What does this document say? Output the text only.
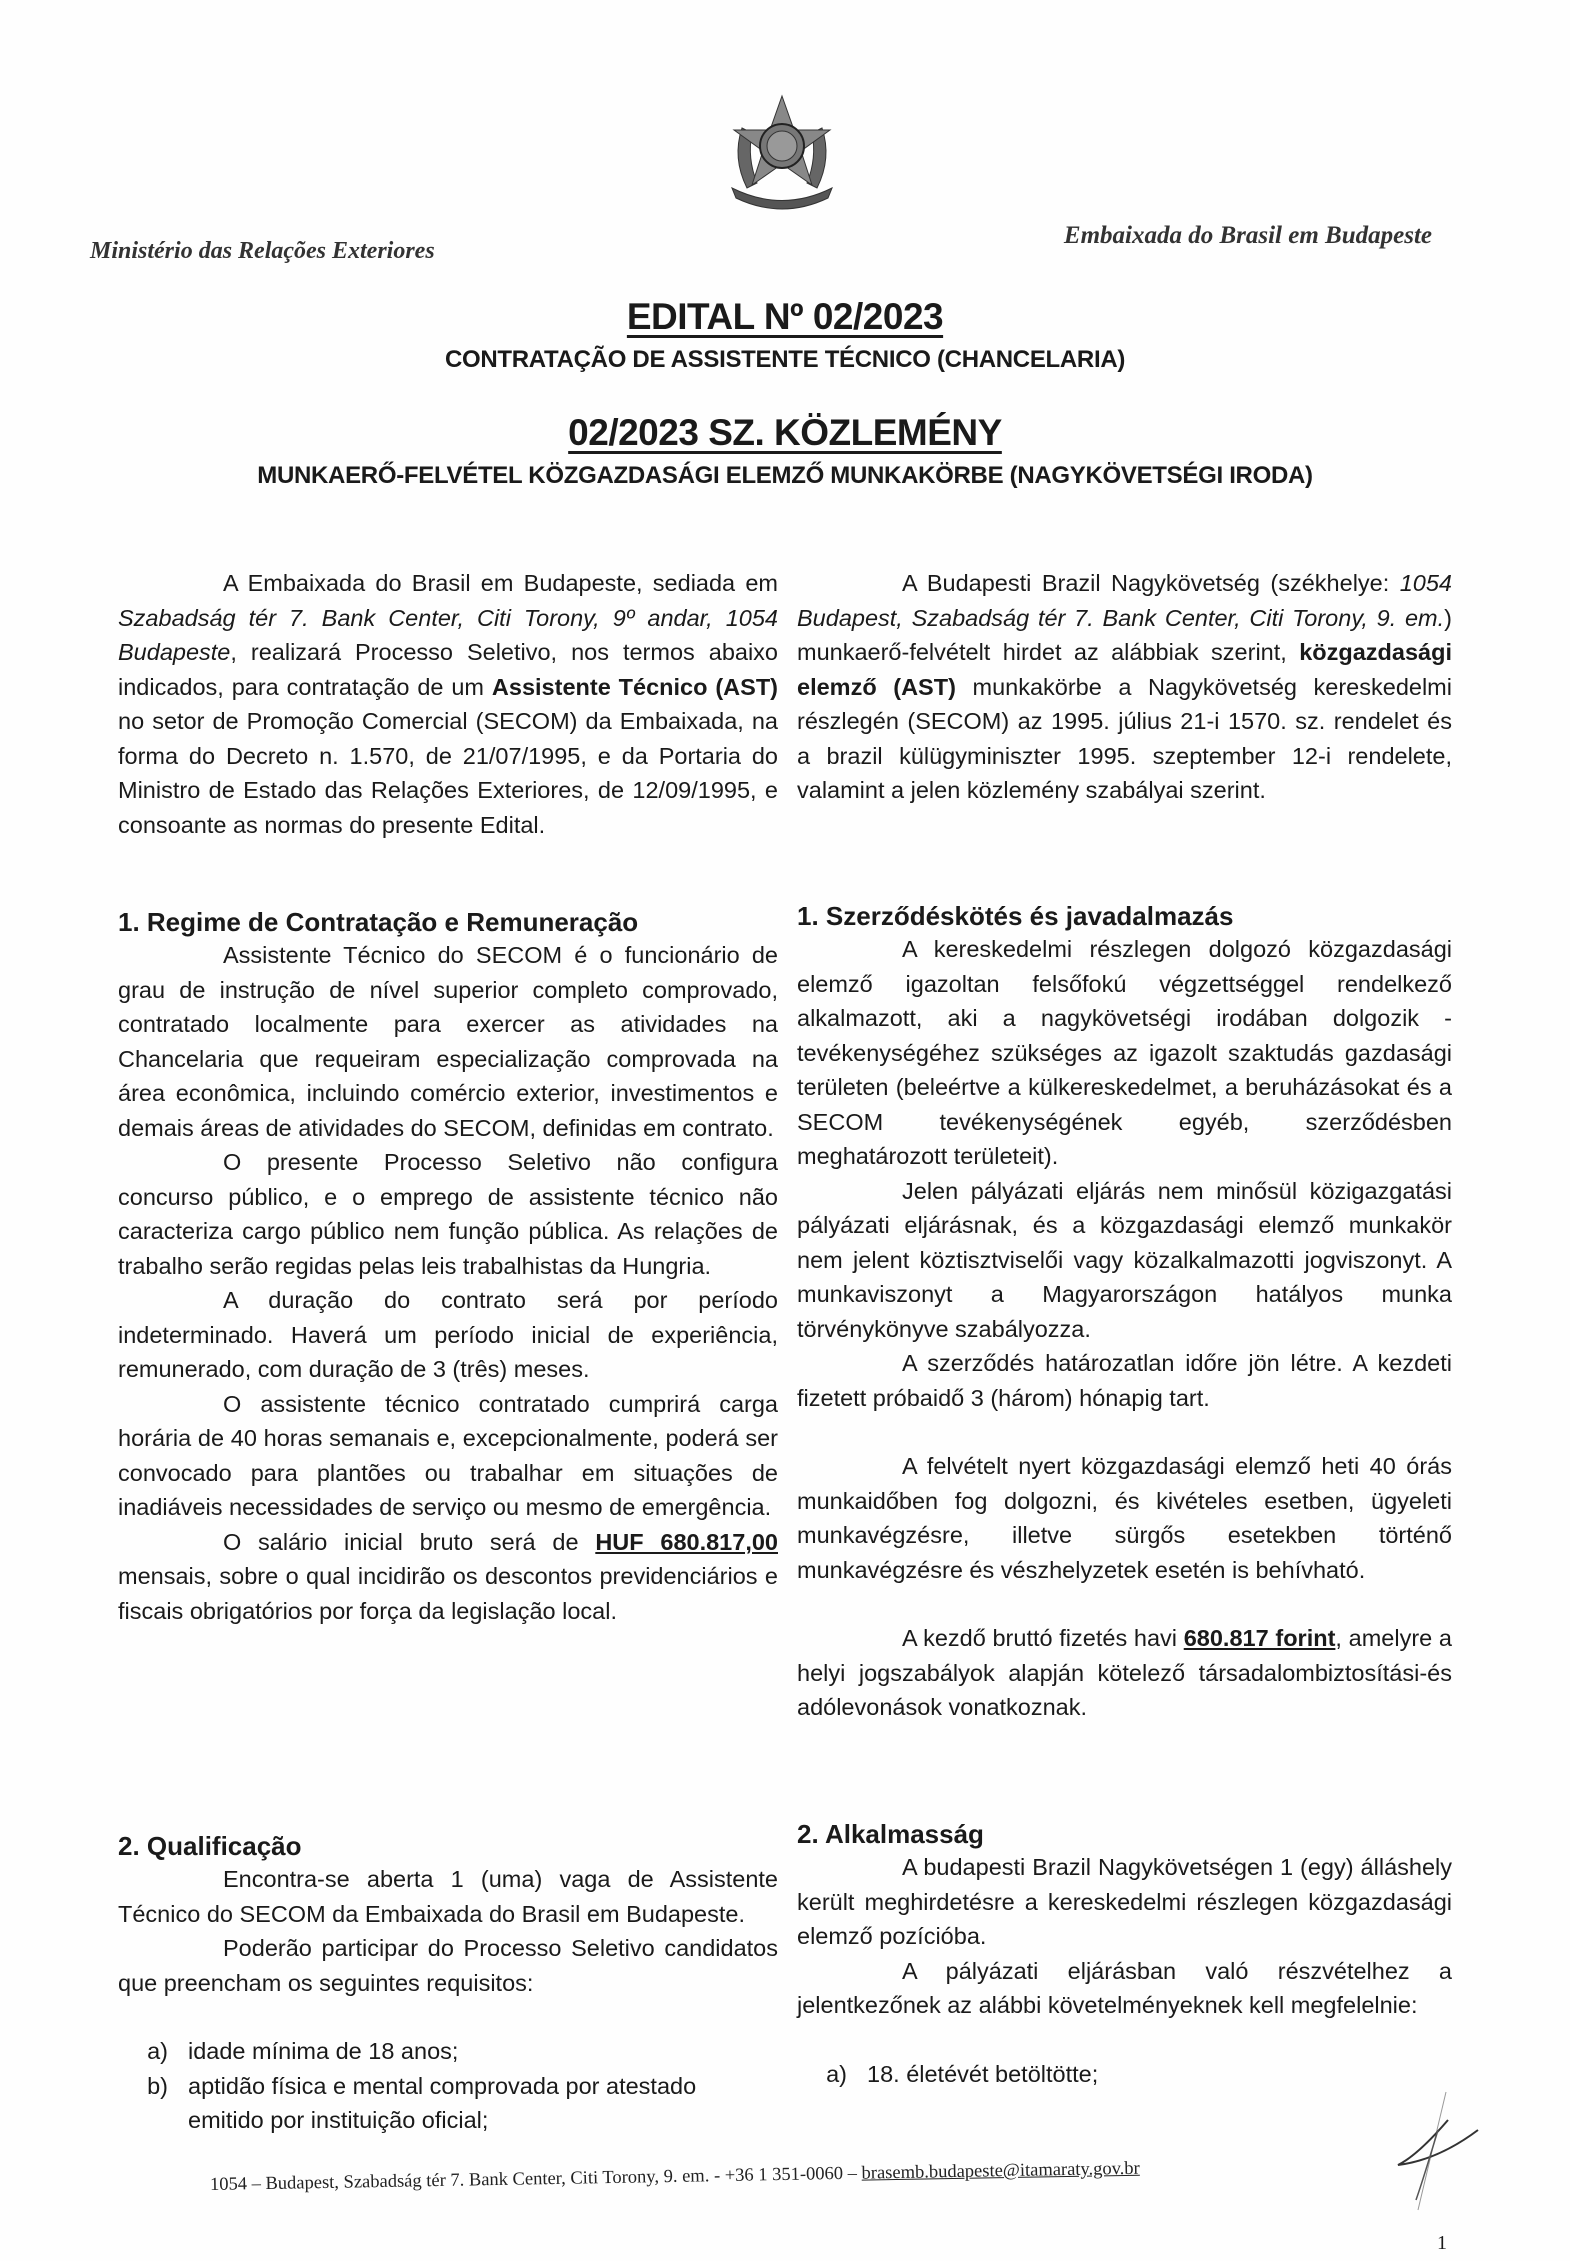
Ministério das Relações Exteriores
Embaixada do Brasil em Budapeste
EDITAL Nº 02/2023
CONTRATAÇÃO DE ASSISTENTE TÉCNICO (CHANCELARIA)
02/2023 SZ. KÖZLEMÉNY
MUNKAERŐ-FELVÉTEL KÖZGAZDASÁGI ELEMZŐ MUNKAKÖRBE (NAGYKÖVETSÉGI IRODA)

A Embaixada do Brasil em Budapeste, sediada em Szabadság tér 7. Bank Center, Citi Torony, 9º andar, 1054 Budapeste, realizará Processo Seletivo, nos termos abaixo indicados, para contratação de um Assistente Técnico (AST) no setor de Promoção Comercial (SECOM) da Embaixada, na forma do Decreto n. 1.570, de 21/07/1995, e da Portaria do Ministro de Estado das Relações Exteriores, de 12/09/1995, e consoante as normas do presente Edital.

1. Regime de Contratação e Remuneração

Assistente Técnico do SECOM é o funcionário de grau de instrução de nível superior completo comprovado, contratado localmente para exercer as atividades na Chancelaria que requeiram especialização comprovada na área econômica, incluindo comércio exterior, investimentos e demais áreas de atividades do SECOM, definidas em contrato.

O presente Processo Seletivo não configura concurso público, e o emprego de assistente técnico não caracteriza cargo público nem função pública. As relações de trabalho serão regidas pelas leis trabalhistas da Hungria.

A duração do contrato será por período indeterminado. Haverá um período inicial de experiência, remunerado, com duração de 3 (três) meses.

O assistente técnico contratado cumprirá carga horária de 40 horas semanais e, excepcionalmente, poderá ser convocado para plantões ou trabalhar em situações de inadiáveis necessidades de serviço ou mesmo de emergência.

O salário inicial bruto será de HUF 680.817,00 mensais, sobre o qual incidirão os descontos previdenciários e fiscais obrigatórios por força da legislação local.

2. Qualificação

Encontra-se aberta 1 (uma) vaga de Assistente Técnico do SECOM da Embaixada do Brasil em Budapeste.

Poderão participar do Processo Seletivo candidatos que preencham os seguintes requisitos:

a) idade mínima de 18 anos;
b) aptidão física e mental comprovada por atestado emitido por instituição oficial;

A Budapesti Brazil Nagykövetség (székhelye: 1054 Budapest, Szabadság tér 7. Bank Center, Citi Torony, 9. em.) munkaerő-felvételt hirdet az alábbiak szerint, közgazdasági elemző (AST) munkakörbe a Nagykövetség kereskedelmi részlegén (SECOM) az 1995. július 21-i 1570. sz. rendelet és a brazil külügyminiszter 1995. szeptember 12-i rendelete, valamint a jelen közlemény szabályai szerint.

1. Szerződéskötés és javadalmazás

A kereskedelmi részlegen dolgozó közgazdasági elemző igazoltan felsőfokú végzettséggel rendelkező alkalmazott, aki a nagykövetségi irodában dolgozik - tevékenységéhez szükséges az igazolt szaktudás gazdasági területen (beleértve a külkereskedelmet, a beruházásokat és a SECOM tevékenységének egyéb, szerződésben meghatározott területeit).

Jelen pályázati eljárás nem minősül közigazgatási pályázati eljárásnak, és a közgazdasági elemző munkakör nem jelent köztisztviselői vagy közalkalmazotti jogviszonyt. A munkaviszonyt a Magyarországon hatályos munka törvénykönyve szabályozza.

A szerződés határozatlan időre jön létre. A kezdeti fizetett próbaidő 3 (három) hónapig tart.

A felvételt nyert közgazdasági elemző heti 40 órás munkaidőben fog dolgozni, és kivételes esetben, ügyeleti munkavégzésre, illetve sürgős esetekben történő munkavégzésre és vészhelyzetek esetén is behívható.

A kezdő bruttó fizetés havi 680.817 forint, amelyre a helyi jogszabályok alapján kötelező társadalombiztosítási-és adólevonások vonatkoznak.

2. Alkalmasság

A budapesti Brazil Nagykövetségen 1 (egy) álláshely került meghirdetésre a kereskedelmi részlegen közgazdasági elemző pozícióba.

A pályázati eljárásban való részvételhez a jelentkezőnek az alábbi követelményeknek kell megfelelnie:

a) 18. életévét betöltötte;
1054 – Budapest, Szabadság tér 7. Bank Center, Citi Torony, 9. em. - +36 1 351-0060 – brasemb.budapeste@itamaraty.gov.br
1
